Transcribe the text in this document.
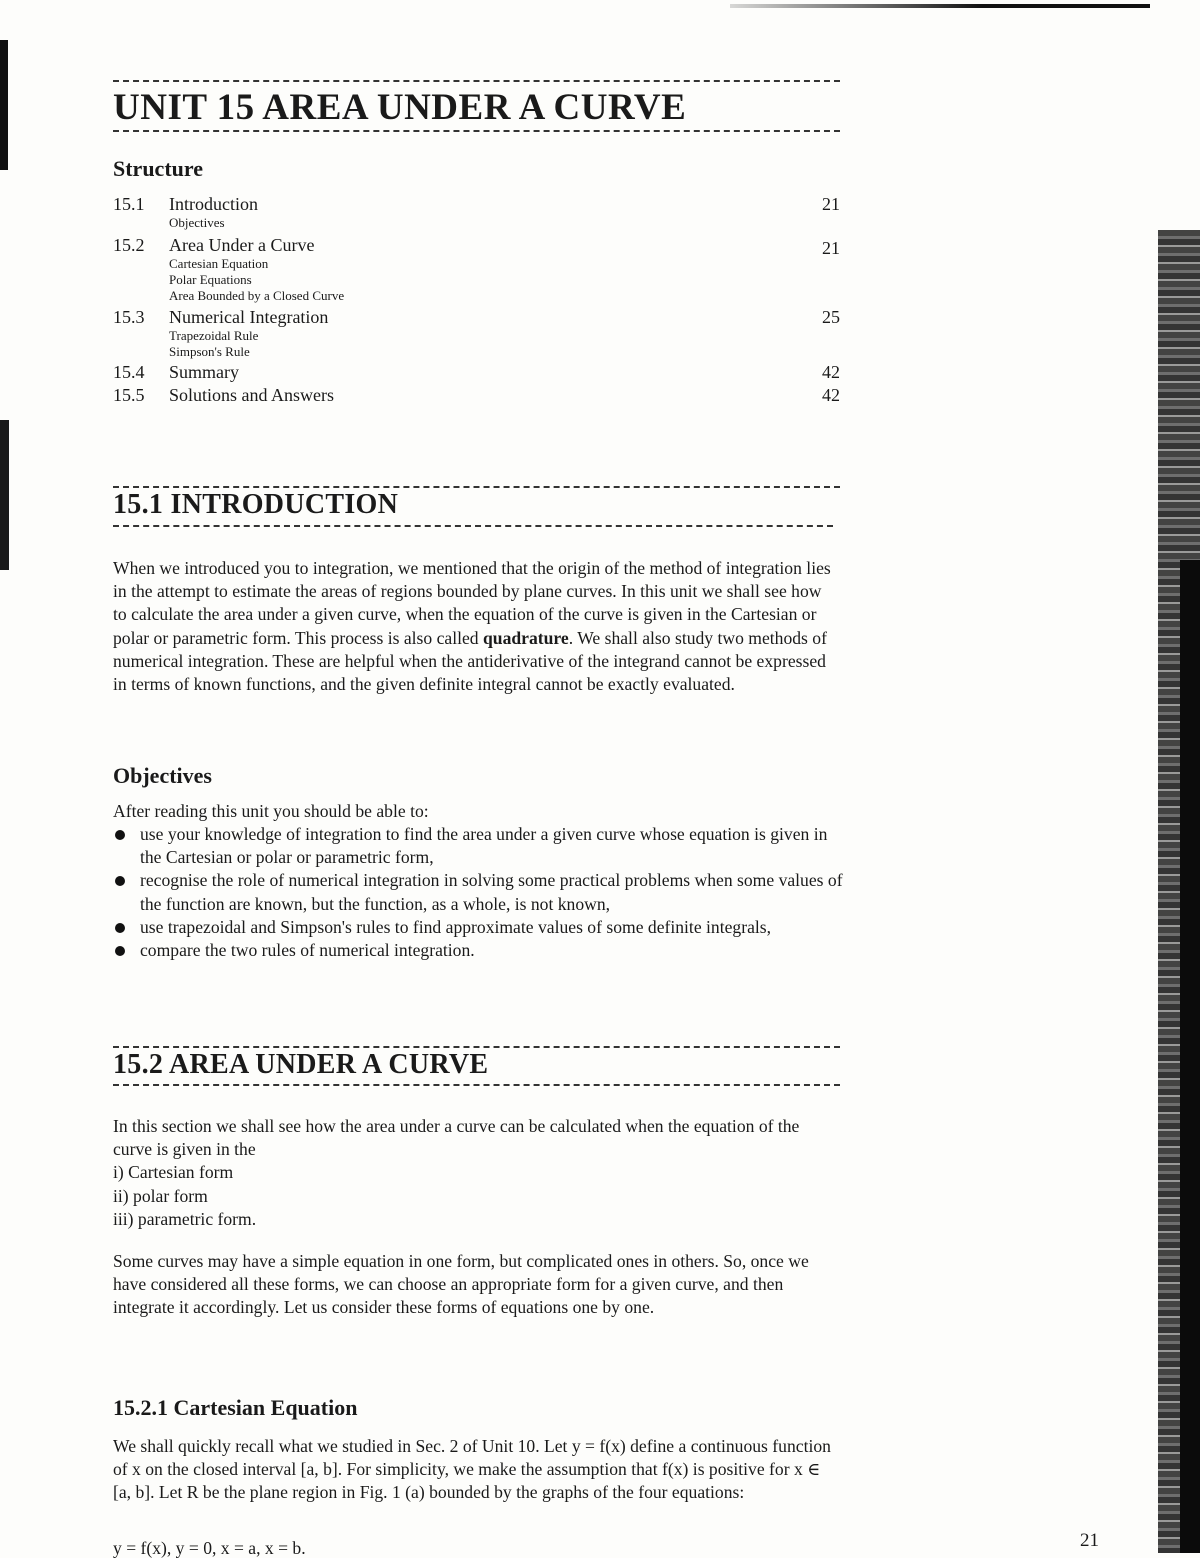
UNIT 15 AREA UNDER A CURVE
Structure
15.1	Introduction	21
Objectives
15.2	Area Under a Curve	21
Cartesian Equation
Polar Equations
Area Bounded by a Closed Curve
15.3	Numerical Integration	25
Trapezoidal Rule
Simpson's Rule
15.4	Summary	42
15.5	Solutions and Answers	42
15.1 INTRODUCTION

When we introduced you to integration, we mentioned that the origin of the method of integration lies in the attempt to estimate the areas of regions bounded by plane curves. In this unit we shall see how to calculate the area under a given curve, when the equation of the curve is given in the Cartesian or polar or parametric form. This process is also called quadrature. We shall also study two methods of numerical integration. These are helpful when the antiderivative of the integrand cannot be expressed in terms of known functions, and the given definite integral cannot be exactly evaluated.

Objectives

After reading this unit you should be able to:

use your knowledge of integration to find the area under a given curve whose equation is given in the Cartesian or polar or parametric form,
recognise the role of numerical integration in solving some practical problems when some values of the function are known, but the function, as a whole, is not known,
use trapezoidal and Simpson's rules to find approximate values of some definite integrals,
compare the two rules of numerical integration.
15.2 AREA UNDER A CURVE

In this section we shall see how the area under a curve can be calculated when the equation of the curve is given in the

i) Cartesian form
ii) polar form
iii) parametric form.

Some curves may have a simple equation in one form, but complicated ones in others. So, once we have considered all these forms, we can choose an appropriate form for a given curve, and then integrate it accordingly. Let us consider these forms of equations one by one.

15.2.1 Cartesian Equation

We shall quickly recall what we studied in Sec. 2 of Unit 10. Let y = f(x) define a continuous function of x on the closed interval [a, b]. For simplicity, we make the assumption that f(x) is positive for x ∈ [a, b]. Let R be the plane region in Fig. 1 (a) bounded by the graphs of the four equations:

y = f(x), y = 0, x = a, x = b.	21
